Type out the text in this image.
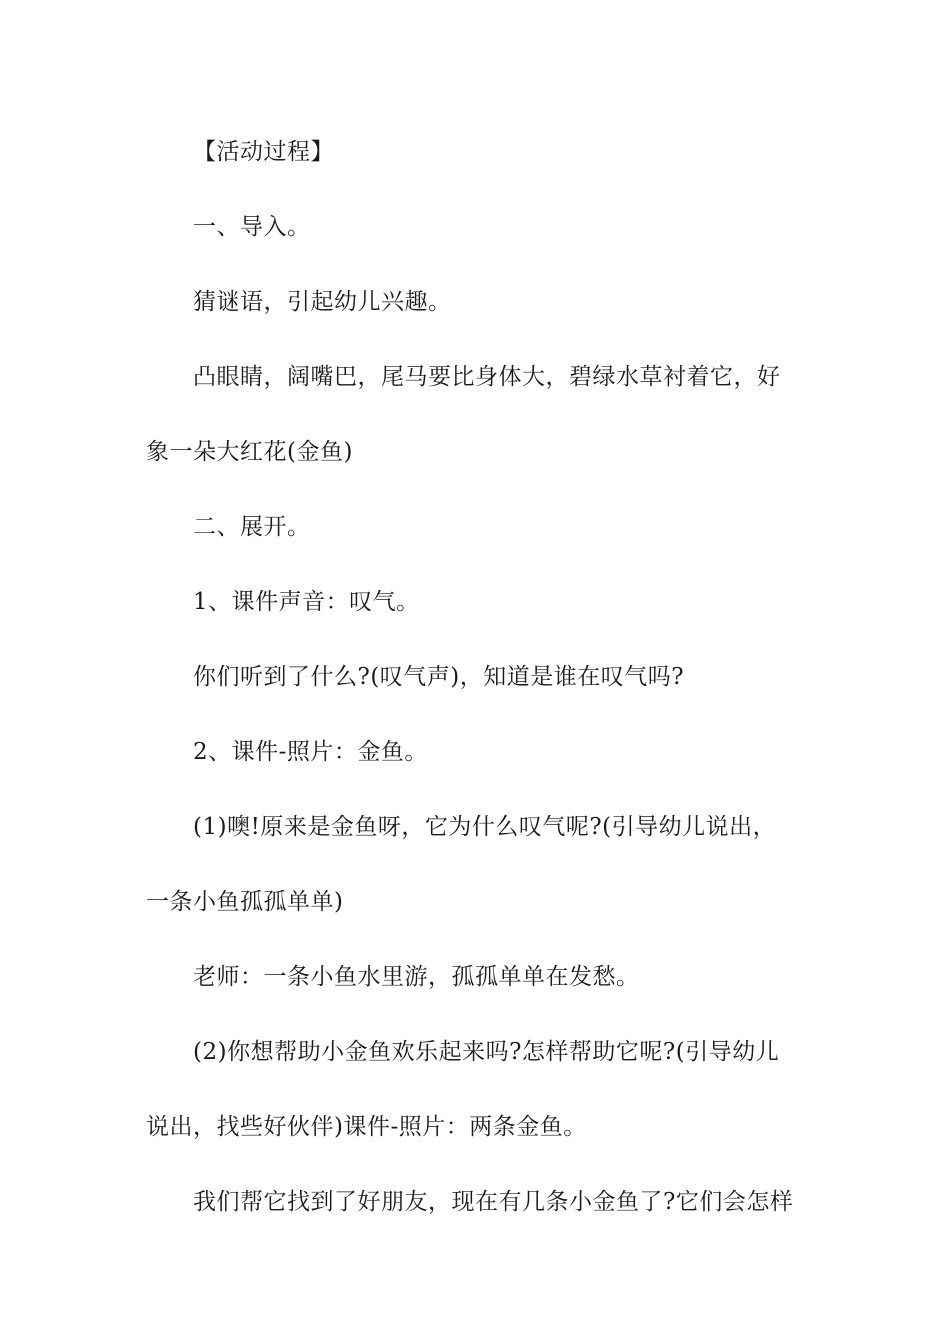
【活动过程】
一、导入。
猜谜语，引起幼儿兴趣。
凸眼睛，阔嘴巴，尾马要比身体大，碧绿水草衬着它，好
象一朵大红花(金鱼)
二、展开。
1、课件声音：叹气。
你们听到了什么?(叹气声)，知道是谁在叹气吗?
2、课件-照片：金鱼。
(1)噢!原来是金鱼呀，它为什么叹气呢?(引导幼儿说出，
一条小鱼孤孤单单)
老师：一条小鱼水里游，孤孤单单在发愁。
(2)你想帮助小金鱼欢乐起来吗?怎样帮助它呢?(引导幼儿
说出，找些好伙伴)课件-照片：两条金鱼。
我们帮它找到了好朋友，现在有几条小金鱼了?它们会怎样
